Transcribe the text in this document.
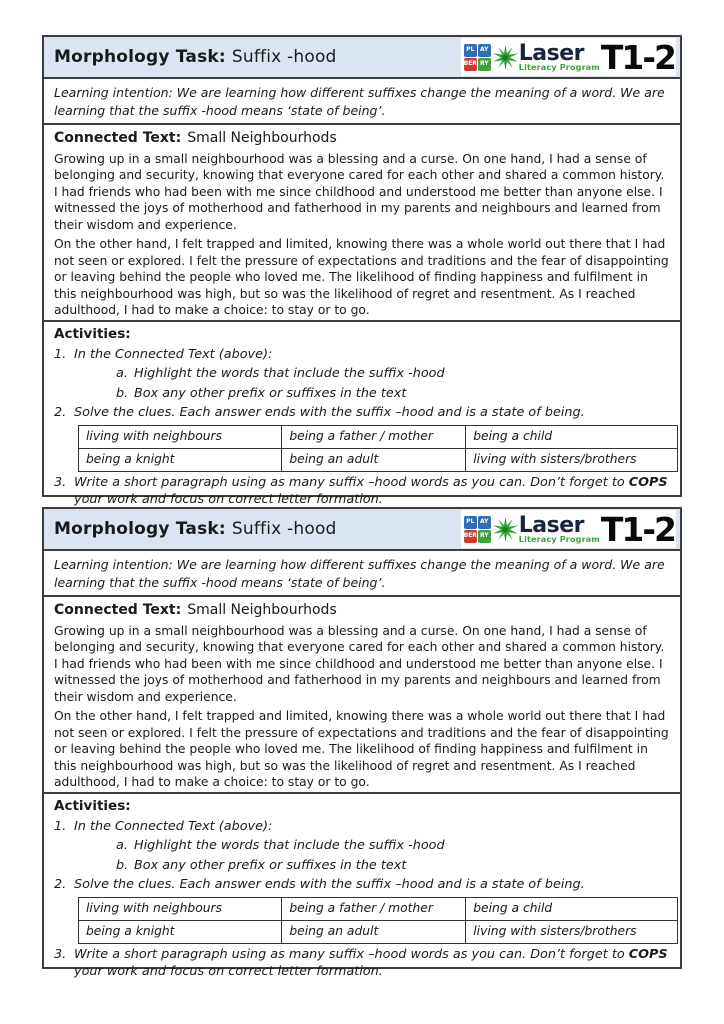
Morphology Task: Suffix -hood	PL AY
BER RY Laser
Literacy Program T1-2
Learning intention: We are learning how different suffixes change the meaning of a word. We are learning that the suffix -hood means ‘state of being’.
Connected Text: Small Neighbourhods

Growing up in a small neighbourhood was a blessing and a curse. On one hand, I had a sense of belonging and security, knowing that everyone cared for each other and shared a common history. I had friends who had been with me since childhood and understood me better than anyone else. I witnessed the joys of motherhood and fatherhood in my parents and neighbours and learned from their wisdom and experience.

On the other hand, I felt trapped and limited, knowing there was a whole world out there that I had not seen or explored. I felt the pressure of expectations and traditions and the fear of disappointing or leaving behind the people who loved me. The likelihood of finding happiness and fulfilment in this neighbourhood was high, but so was the likelihood of regret and resentment. As I reached adulthood, I had to make a choice: to stay or to go.

Activities:
1. In the Connected Text (above):
a. Highlight the words that include the suffix -hood
b. Box any other prefix or suffixes in the text
2. Solve the clues. Each answer ends with the suffix –hood and is a state of being.
living with neighbours	being a father / mother	being a child
being a knight	being an adult	living with sisters/brothers
3. Write a short paragraph using as many suffix –hood words as you can. Don’t forget to COPS your work and focus on correct letter formation.
Morphology Task: Suffix -hood	PL AY
BER RY Laser
Literacy Program T1-2
Learning intention: We are learning how different suffixes change the meaning of a word. We are learning that the suffix -hood means ‘state of being’.
Connected Text: Small Neighbourhods

Growing up in a small neighbourhood was a blessing and a curse. On one hand, I had a sense of belonging and security, knowing that everyone cared for each other and shared a common history. I had friends who had been with me since childhood and understood me better than anyone else. I witnessed the joys of motherhood and fatherhood in my parents and neighbours and learned from their wisdom and experience.

On the other hand, I felt trapped and limited, knowing there was a whole world out there that I had not seen or explored. I felt the pressure of expectations and traditions and the fear of disappointing or leaving behind the people who loved me. The likelihood of finding happiness and fulfilment in this neighbourhood was high, but so was the likelihood of regret and resentment. As I reached adulthood, I had to make a choice: to stay or to go.

Activities:
1. In the Connected Text (above):
a. Highlight the words that include the suffix -hood
b. Box any other prefix or suffixes in the text
2. Solve the clues. Each answer ends with the suffix –hood and is a state of being.
living with neighbours	being a father / mother	being a child
being a knight	being an adult	living with sisters/brothers
3. Write a short paragraph using as many suffix –hood words as you can. Don’t forget to COPS your work and focus on correct letter formation.
